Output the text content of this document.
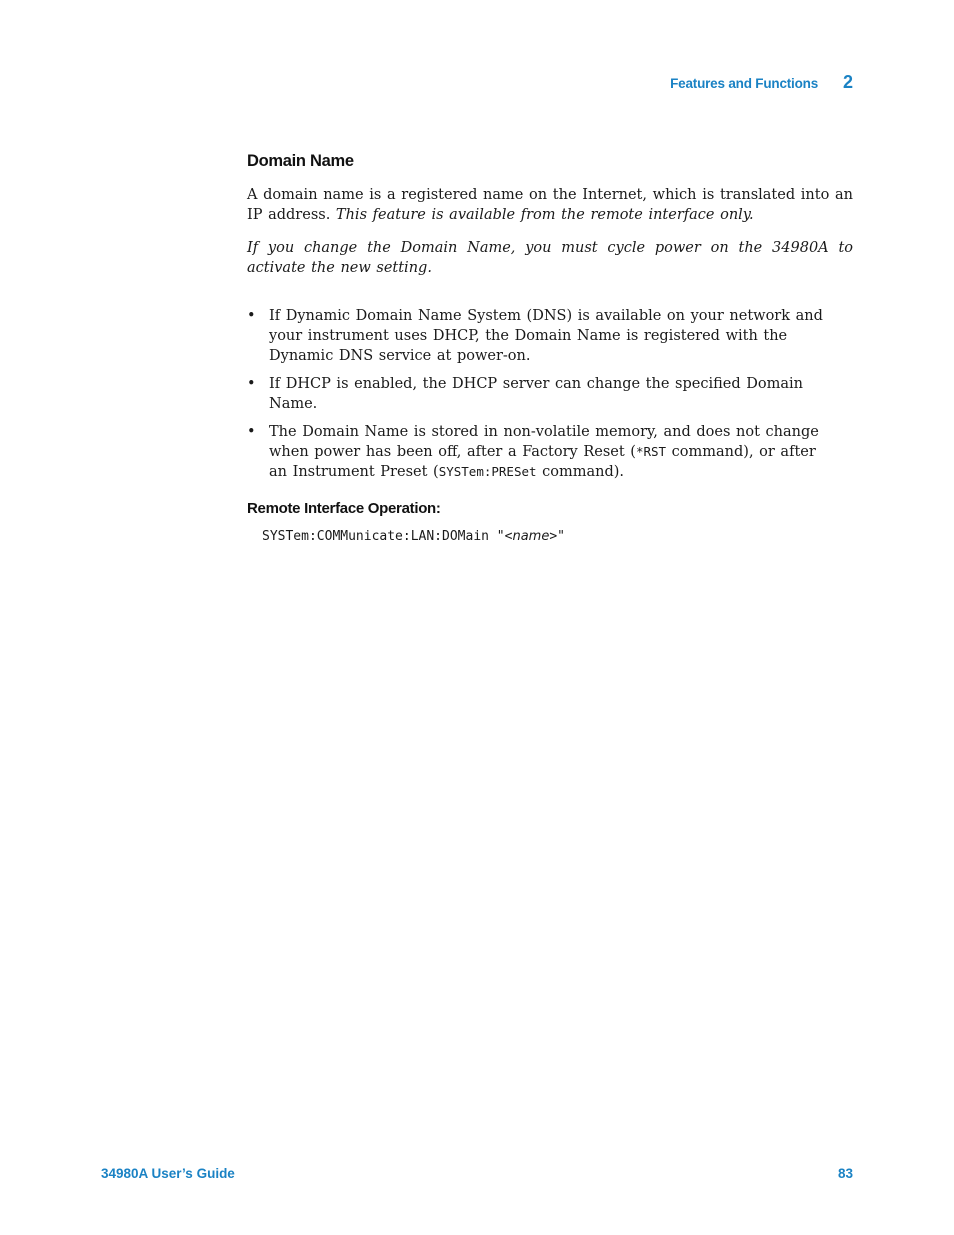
Features and Functions 2
Domain Name

A domain name is a registered name on the Internet, which is translated into an IP address. This feature is available from the remote interface only.

If you change the Domain Name, you must cycle power on the 34980A to activate the new setting.

• If Dynamic Domain Name System (DNS) is available on your network and your instrument uses DHCP, the Domain Name is registered with the Dynamic DNS service at power-on.
• If DHCP is enabled, the DHCP server can change the specified Domain Name.
• The Domain Name is stored in non-volatile memory, and does not change when power has been off, after a Factory Reset (*RST command), or after an Instrument Preset (SYSTem:PRESet command).
Remote Interface Operation:
SYSTem:COMMunicate:LAN:DOMain "<name>"
34980A User’s Guide	83
